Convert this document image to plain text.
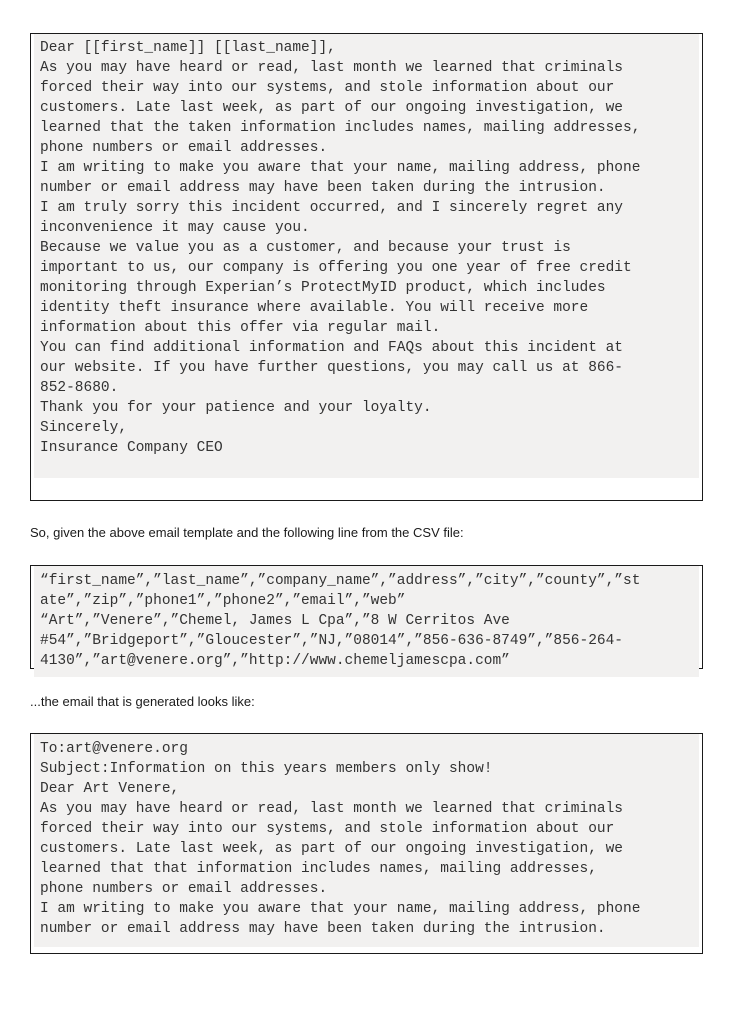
Dear [[first_name]] [[last_name]],
As you may have heard or read, last month we learned that criminals
forced their way into our systems, and stole information about our
customers. Late last week, as part of our ongoing investigation, we
learned that the taken information includes names, mailing addresses,
phone numbers or email addresses.
I am writing to make you aware that your name, mailing address, phone
number or email address may have been taken during the intrusion.
I am truly sorry this incident occurred, and I sincerely regret any
inconvenience it may cause you.
Because we value you as a customer, and because your trust is
important to us, our company is offering you one year of free credit
monitoring through Experian’s ProtectMyID product, which includes
identity theft insurance where available. You will receive more
information about this offer via regular mail.
You can find additional information and FAQs about this incident at
our website. If you have further questions, you may call us at 866-
852-8680.
Thank you for your patience and your loyalty.
Sincerely,
Insurance Company CEO

So, given the above email template and the following line from the CSV file:

“first_name”,”last_name”,”company_name”,”address”,”city”,”county”,”st
ate”,”zip”,”phone1”,”phone2”,”email”,”web”
“Art”,”Venere”,”Chemel, James L Cpa”,”8 W Cerritos Ave
#54”,”Bridgeport”,”Gloucester”,”NJ,”08014”,”856-636-8749”,”856-264-
4130”,”art@venere.org”,”http://www.chemeljamescpa.com”

...the email that is generated looks like:

To:art@venere.org
Subject:Information on this years members only show!
Dear Art Venere,
As you may have heard or read, last month we learned that criminals
forced their way into our systems, and stole information about our
customers. Late last week, as part of our ongoing investigation, we
learned that that information includes names, mailing addresses,
phone numbers or email addresses.
I am writing to make you aware that your name, mailing address, phone
number or email address may have been taken during the intrusion.
